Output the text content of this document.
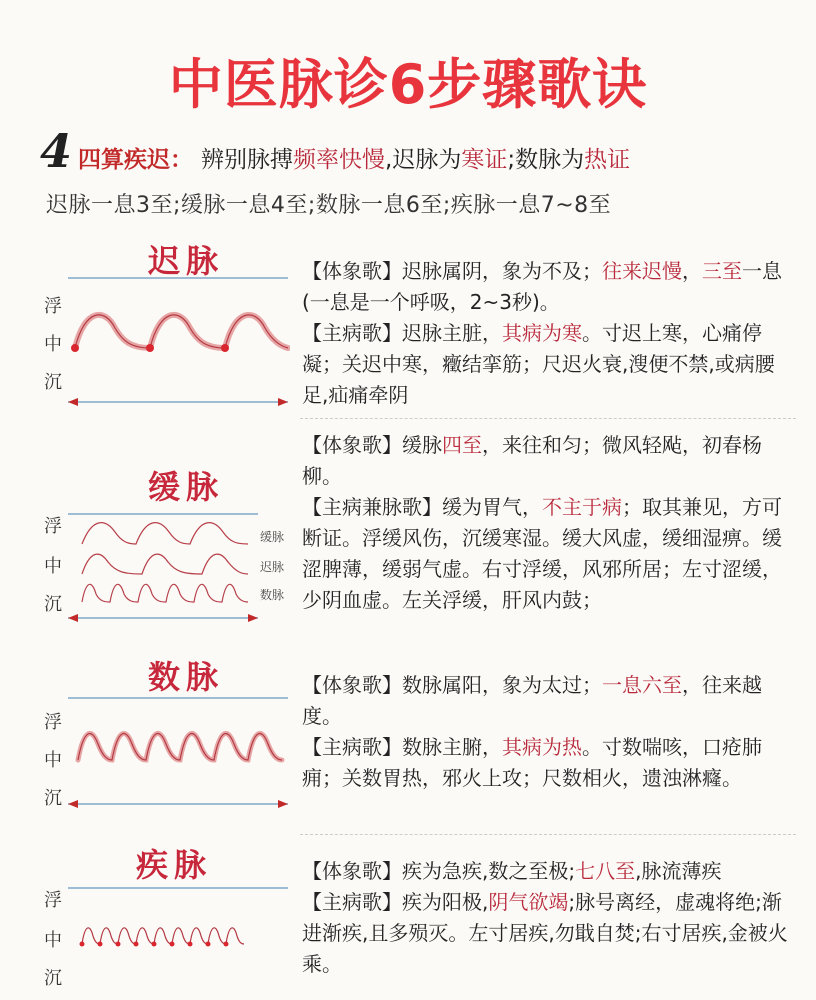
中医脉诊6步骤歌诀
4 四算疾迟： 辨别脉搏 频率快慢 ,迟脉为 寒证 ;数脉为 热证
迟脉一息3至;缓脉一息4至;数脉一息6至;疾脉一息7~8至
迟脉
浮
中
沉

【体象歌】迟脉属阴，象为不及；往来迟慢，三至一息(一息是一个呼吸，2~3秒)。

【主病歌】迟脉主脏，其病为寒。寸迟上寒，心痛停凝；关迟中寒，癥结挛筋；尺迟火衰,溲便不禁,或病腰足,疝痛牵阴

缓脉
浮
中
沉
缓脉
迟脉
数脉

【体象歌】缓脉四至，来往和匀；微风轻飐，初春杨柳。

【主病兼脉歌】缓为胃气，不主于病；取其兼见，方可断证。浮缓风伤，沉缓寒湿。缓大风虚，缓细湿痹。缓涩脾薄，缓弱气虚。右寸浮缓，风邪所居；左寸涩缓，少阴血虚。左关浮缓，肝风内鼓；

数脉
浮
中
沉

【体象歌】数脉属阳，象为太过；一息六至，往来越度。

【主病歌】数脉主腑，其病为热。寸数喘咳，口疮肺痈；关数胃热，邪火上攻；尺数相火，遗浊淋癃。

疾脉
浮
中
沉

【体象歌】疾为急疾,数之至极;七八至,脉流薄疾

【主病歌】疾为阳极,阴气欲竭;脉号离经，虚魂将绝;渐进渐疾,且多殒灭。左寸居疾,勿戢自焚;右寸居疾,金被火乘。
